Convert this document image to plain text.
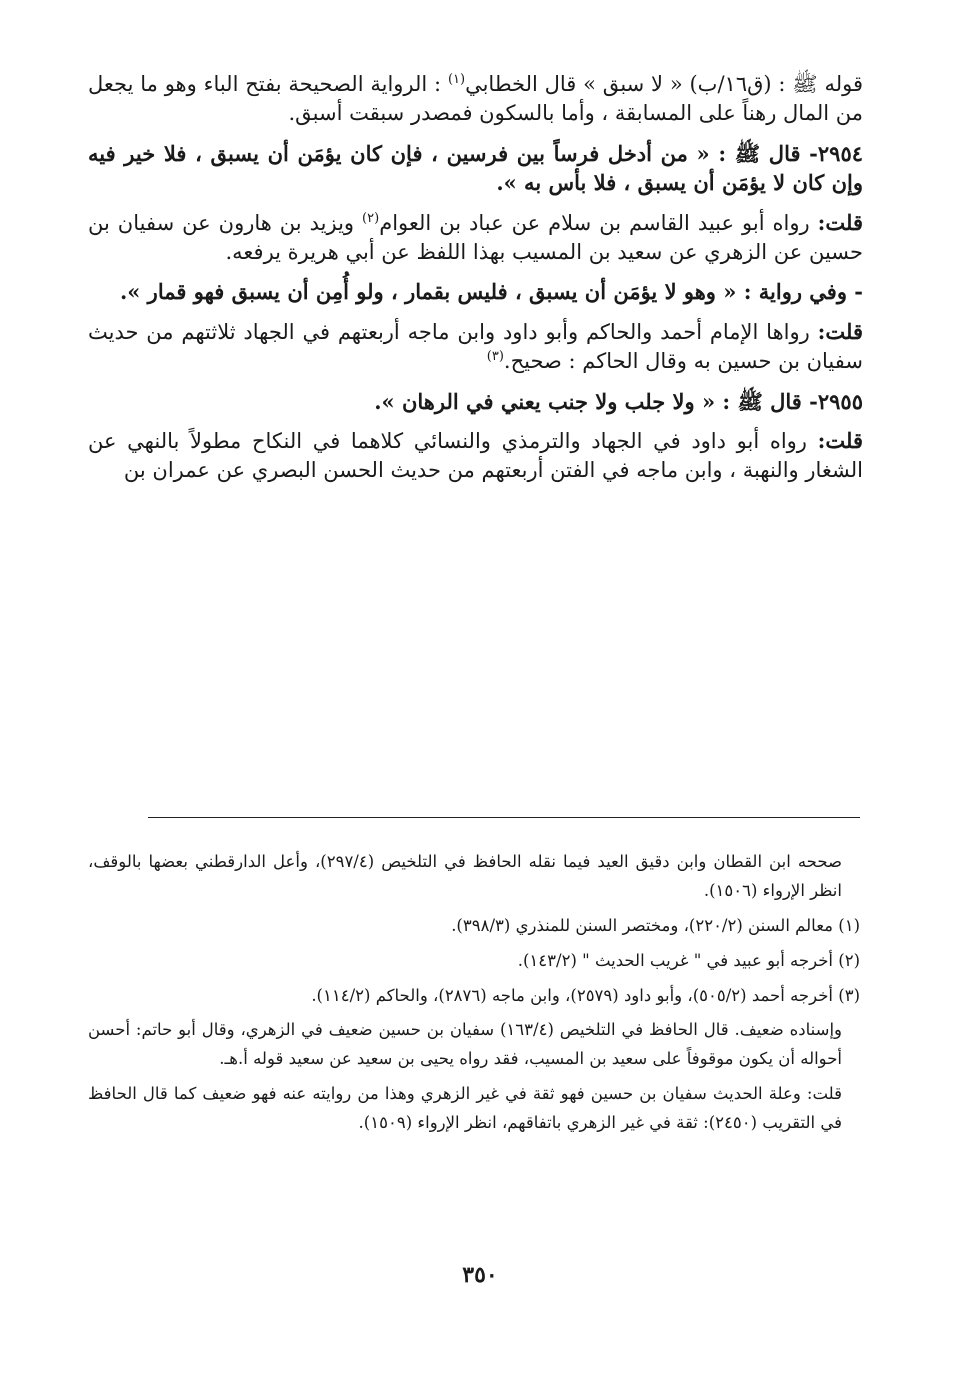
قوله ﷺ : (ق١٦/ب) « لا سبق » قال الخطابي$^{(١)}$ : الرواية الصحيحة بفتح الباء وهو ما يجعل من المال رهناً على المسابقة ، وأما بالسكون فمصدر سبقت أسبق.

٢٩٥٤- قال ﷺ : « من أدخل فرساً بين فرسين ، فإن كان يؤمَن أن يسبق ، فلا خير فيه وإن كان لا يؤمَن أن يسبق ، فلا بأس به ».

قلت: رواه أبو عبيد القاسم بن سلام عن عباد بن العوام$^{(٢)}$ ويزيد بن هارون عن سفيان بن حسين عن الزهري عن سعيد بن المسيب بهذا اللفظ عن أبي هريرة يرفعه.

- وفي رواية : « وهو لا يؤمَن أن يسبق ، فليس بقمار ، ولو أُمِن أن يسبق فهو قمار ».

قلت: رواها الإمام أحمد والحاكم وأبو داود وابن ماجه أربعتهم في الجهاد ثلاثتهم من حديث سفيان بن حسين به وقال الحاكم : صحيح.$^{(٣)}$

٢٩٥٥- قال ﷺ : « ولا جلب ولا جنب يعني في الرهان ».

قلت: رواه أبو داود في الجهاد والترمذي والنسائي كلاهما في النكاح مطولاً بالنهي عن الشغار والنهبة ، وابن ماجه في الفتن أربعتهم من حديث الحسن البصري عن عمران بن

صححه ابن القطان وابن دقيق العيد فيما نقله الحافظ في التلخيص (٢٩٧/٤)، وأعل الدارقطني بعضها بالوقف، انظر الإرواء (١٥٠٦).

(١) معالم السنن (٢٢٠/٢)، ومختصر السنن للمنذري (٣٩٨/٣).

(٢) أخرجه أبو عبيد في " غريب الحديث " (١٤٣/٢).

(٣) أخرجه أحمد (٥٠٥/٢)، وأبو داود (٢٥٧٩)، وابن ماجه (٢٨٧٦)، والحاكم (١١٤/٢).

وإسناده ضعيف. قال الحافظ في التلخيص (١٦٣/٤) سفيان بن حسين ضعيف في الزهري، وقال أبو حاتم: أحسن أحواله أن يكون موقوفاً على سعيد بن المسيب، فقد رواه يحيى بن سعيد عن سعيد قوله أ.هـ.

قلت: وعلة الحديث سفيان بن حسين فهو ثقة في غير الزهري وهذا من روايته عنه فهو ضعيف كما قال الحافظ في التقريب (٢٤٥٠): ثقة في غير الزهري باتفاقهم، انظر الإرواء (١٥٠٩).

٣٥٠
